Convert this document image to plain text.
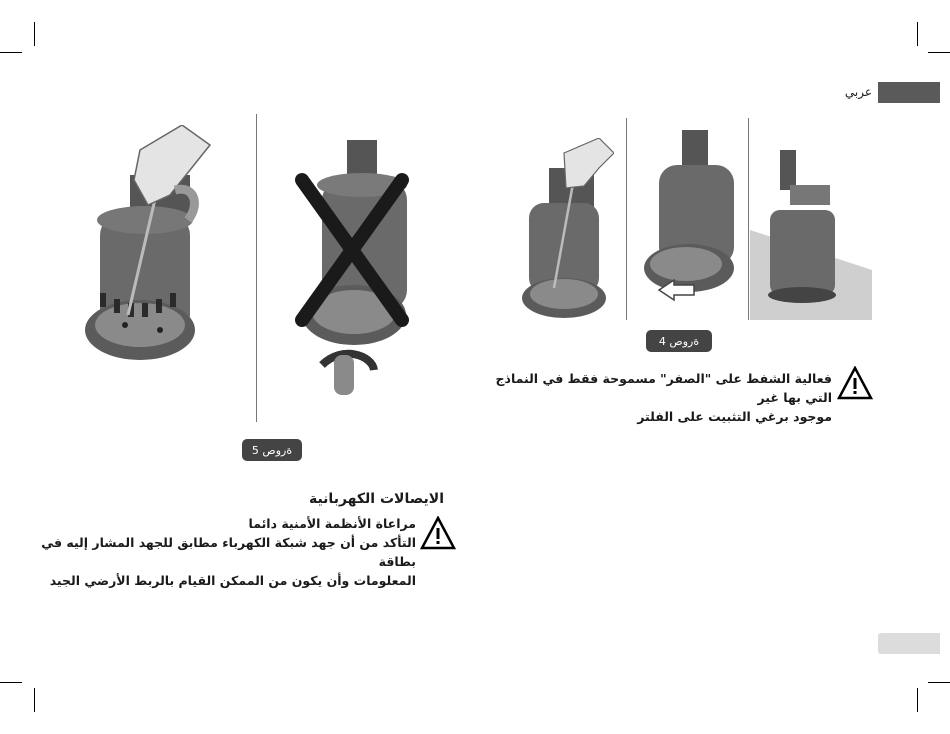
عربي
ةروص 4
ةروص 5
فعالية الشفط على "الصفر" مسموحة فقط في النماذج التي بها غير
موجود برغي التثبيت على الفلتر
الايصالات الكهربانية
مراعاة الأنظمة الأمنية دائما
التأكد من أن جهد شبكة الكهرباء مطابق للجهد المشار إليه في بطاقة
المعلومات وأن يكون من الممكن القيام بالربط الأرضي الجيد
